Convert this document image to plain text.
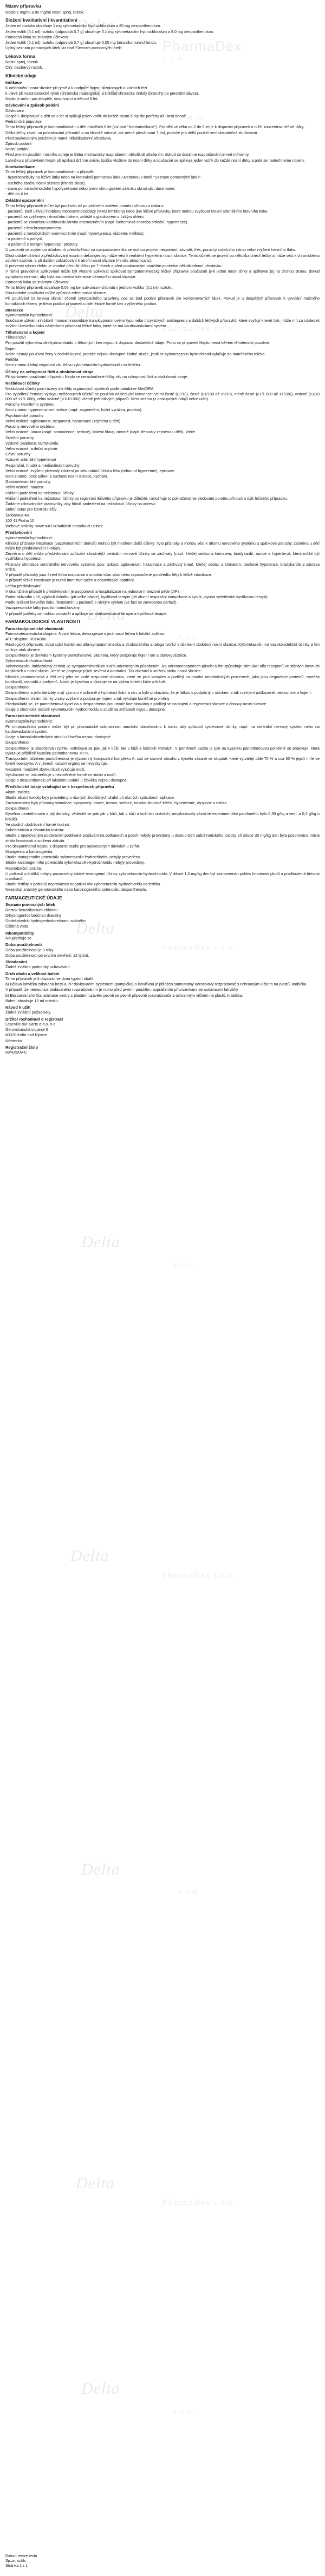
Delta
PharmaDex
s.r.o.
Delta
S.R.O.
Delta
PharmaDex s.r.o.
Delta
s.r.o.
Delta
PharmaDex s.r.o.
Delta
s.r.o.
Delta
PharmaDex s.r.o.
Delta
s.r.o.
Delta
PharmaDex s.r.o.
Delta
s.r.o.
Název přípravku

Neplo 1 mg/ml a 80 mg/ml nosní sprej, roztok

Složení kvalitativní i kvantitativní

Jeden ml roztoku obsahuje 1 mg xylometazolini hydrochloridum a 80 mg dexpanthenolum.

Jeden vstřik (0,1 ml) roztoku (odpovídá 0,7 g) obsahuje 0,1 mg xylometazolini hydrochloridum a 8,0 mg dexpanthenolum.

Pomocná látka se známým účinkem:

Jeden vstřik (0,1 ml) roztoku (odpovídá 0,7 g) obsahuje 0,05 mg benzalkonium-chloridu.

Úplný seznam pomocných látek viz bod "Seznam pomocných látek".

Léková forma

Nosní sprej, roztok.

Čirý, bezbarvý roztok.

Klinické údaje
Indikace

K odstranění nosní sliznice při rýmě a k podpoře hojení sliznicových a kožních lézí.

k úlevě při vazomotorické rýmě (chronická nealergická) a k léčbě chronické rinitidy (bronchy po perorální dávce).

Neplo je určen pro dospělé, dospívající a děti od 6 let.

Dávkování a způsob podání

Dávkování

Dospělí, dospívající a děti od 6 let si aplikují jeden vstřik do každé nosní dírky dle potřeby až 3krát denně.

Pediatrická populace

Tento léčivý přípravek je kontraindikován u dětí mladších 6 let (viz bod "Kontraindikace"). Pro děti ve věku od 2 do 6 let je k dispozici přípravek o nižší koncentraci léčivé látky.

Délka léčby závisí na pokračování příznaků a na klinické odezvě, ale nemá přesáhnout 7 dní, protože pro delší použití není dostatečné zkušenosti.

Před opakovaným použitím je nutné několikadenní přestávka.

Způsob podání

Nosní podání.

Před prvním použitím nosního spreje je třeba mechanicky rozprášením několikrát stlačením, dokud se dosáhne rozprašování jemné mlhoviny.

Lahvičku s přípravkem Neplo při aplikaci držíme svisle, špičku vložíme do nosní dírky a současně se aplikuje jeden vstřik do každé nosní dírky a poté se nadechneme nosem.

Kontraindikace

Tento léčivý přípravek je kontraindikován u případě:

- hypersenzitivity na léčivé látky nebo na kteroukoli pomocnou látku uvedenou v bodě "Seznam pomocných látek".

- suchého zánětu nosní sliznice (rhinitis sicca).

- stavu po transsfenoidální hypofyzektomii nebo jiném chirurgickém zákroku obnažující dura mater.

- dětí do 6 let.

Zvláštní upozornění

Tento léčivý přípravek může být používán až po pečlivém zvážení poměru přínosu a rizika u:

- pacientů, kteří užívají inhibitory monoaminooxidázy (MAO inhibitory) nebo jiné léčivé přípravky, které mohou zvyšovat krevní arteriálního krevního tlaku.

- pacientů se zvýšeným nitroočním tlakem, zvláště s glaukomem s úzkým úhlem.

- pacientů se závažnou kardiovaskulárním onemocněním (např. ischemická choroba srdeční, hypertenze).

- pacientů s feochromocytomem.

- pacientů s metabolickým onemocněním (např. hypertyreóza, diabetes mellitus).

- u pacientů s porfyrií.

- u pacientů s benigní hyperplazií prostaty.

U pacientů se zvýšenou účinkem či přecitlivělostí na sympatomimetika se mohou projevit nespavost, závratě, třes, poruchy srdečního rytmu nebo zvýšení krevního tlaku.

Dlouhodobé užívání a předávkování nosními dekongestivy může vést k reaktivní hyperémii nosní sliznice. Tento účinek se projeví po několika dnech léčby a může vést k chronickému zduření sliznice, a při dalším pokračování k atrofii nosní sliznice (rhinitis atrophicans).

K prevenci tohoto efektu je vhodné přerušit léčbu po 7 dnech a před opakovaným použitím ponechat několikadenní přestávku.

V rámci pravidelné aplikované může být vhodné aplikovat aplikovat sympatomimetický léčivý přípravek současně je-li jedné nosní dírky a aplikovat jej na druhou stranu, dokud symptomy nezmizí, aby byla zachována tolerance denosního nosní sliznice.

Pomocná látka se známým účinkem:

Tento léčivý přípravek obsahuje 0,05 mg benzalkonium-chloridu v jednom vstřiku (0,1 ml) roztoku.

Dlouhodobé používání může způsobit edém nosní sliznice.

Při používání na tenkou sliznicí včetně cytotoxického uzavřeny nos se bod podání přípravek dle kombinovaných látek. Pokud je u dospělých přípravek k vyvolání možného kontaktních lékem, je třeba podání přípravek u lidé lékové formě bez zvýšeného podání.

Interakce

xylometazolin-hydrochlorid:

Současné užívání inhibitorů monoaminooxidázy tranylcyprominového typu nebo tricyklických antidepresiv a dalších léčivých přípravků, které zvyšují krevní tlak, může mít za následek zvýšení krevního tlaku následkem působení léčivé látky, které se má kardiovaskulární systém.

Těhotenství a kojení

Těhotenství

Pro použití xylometazolin-hydrochloridu u těhotných žen nejsou k dispozici dostatečné údaje. Proto se přípravek Neplo nemá během těhotenství používat.

Kojení

Nelze nemají používat ženy v období kojení, protože nejsou dostupné žádné studie, jestli se xylometazolin-hydrochlorid vylučuje do mateřského mléka.

Fertilita

Není známo žádný negativní vliv léčivu xylometazolin-hydrochloridu na fertilitu.

Účinky na schopnost řídit a obsluhovat stroje

Při správném používání přípravku Neplo se nerozloučené léčby vliv na schopnost řídit a obsluhovat stroje.

Nežádoucí účinky

Nežádoucí účinky jsou řazeny dle třídy orgánových systémů podle databáze MedDRA.

Pro vyjádření četnosti výskytu nežádoucích účinků se používá následující konvence: Velmi časté (≥1/10), časté (≥1/100 až <1/10), méně časté (≥1/1 000 až <1/100), vzácné (≥1/10 000 až <1/1 000), velmi vzácné (<1/10 000) včetně jednotlivých případů. Není známo (z dostupných údajů nelze určit).

Poruchy imunitního systému

Není známo: hypersenzitivní reakce (např. angioedém, kožní vyrážka, pruritus).

Psychiatrické poruchy

Velmi vzácné: agitovanost, nespavost, halucinace (zejména u dětí).

Poruchy nervového systému

Velmi vzácné: únava (např. somnolence, sedace), bolesti hlavy, závratě (např. třesavky zejména u dětí), křeče.

Srdeční poruchy

Vzácné: palpitace, tachykardie.

Velmi vzácné: srdeční arytmie.

Cévní poruchy

Vzácné: arteriální hypertenze

Respirační, hrudní a mediastinální poruchy

Velmi vzácné: zvýšení přetrvalý zduření po sekundární účinku léku (rebound hyperemie), epistaxe.

Není známo: pocit pálení a suchosti nosní sliznice, kýchání.

Gastrointestinální poruchy

Velmi vzácné: nauzea.

Hlášení podezření na nežádoucí účinky

Hlášení podezření na nežádoucí účinky po registraci léčivého přípravku je důležité. Umožňuje to pokračovat ve sledování poměru přínosů a rizik léčivého přípravku.

Žádáme zdravotnické pracovníky, aby hlásili podezření na nežádoucí účinky na adresu:

Státní ústav pro kontrolu léčiv

Šrobárova 48

100 41 Praha 10

Webové stránky: www.sukl.cz/nahlasit-nezadouci-ucinek

Předávkování

xylometazolin-hydrochlorid:

Klinické příznaky intoxikace (vazokonstrikční derivát) mohou být mnohem další účinky: Tyto příznaky a mohou vést k útlumu nervového systému a spánkové poruchy, zejména u dětí může být předávkování i kolaps.

Zejména u dětí může předávkování způsobit závažnější centrální nervové účinky se záchvaty (např. křeče) sedaci a kómatem, bradykardií, apnoe a hypertenzí, která může být vystřídána hypotenzí.

Příznaky stimulace centrálního nervového systému jsou: úzkost, agitovanost, halucinace a záchvaty (např. křeče) sedaci a kómatem, dechové hypotenze, bradykardie a zástava srdce.

V případě příznaky jsou ihned třeba rozpoznat a snadno včas včas nebo doporučené prostředku léky k léčbě intoxikace.

V případě těžké intoxikace je nutná intenzivní péče a odpovídající opatření.

Léčba předávkování:

V okamžitém případě k předávkování je podporována hospitalizace na jednotce intenzivní péče (JIP).

Podat aktivního uhlí, výplach žaludku (při velké dávce), kyslíková terapie (při akutní respirační komplikace a kyslík, plynná vyšetřením kyslíkovou terapii).

Podle snížení krevního tlaku: fentolamin u pacientů s nízkým cyklem (ve fázi se zavedenou perfuzí).

Vazopresorické látky jsou kontraindikovány.

V případě potřeby se mohou provádět a aplikuje se antikonvulzivní terapie a kyslíková terapie.

FARMAKOLOGICKÉ VLASTNOSTI
Farmakodynamické vlastnosti

Farmakoterapeutická skupina: Nosní léčiva, dekongesce a jiná nosní léčiva k lokální aplikaci.

ATC skupina: R01AB06

Rinologický přípravek, obsahující kombinaci alfa-sympatomimetika a strukturálního analoga tvořící v účinkem obdobný nosní sliznice. Xylometazolin má vazokonstrikční účinky a tím snižuje otok sliznice.

Dexpanthenol je derivátem kyseliny pantothenové, vitaminu, který podporuje hojení ran a obnovy sliznice.

Xylometazolin-hydrochlorid:

Xylometazolin, imidazolový derivát, je sympatomimetikum s alfa-adrenergním působením. Na adrenoreceptorech působí a tím způsobuje stimulaci alfa receptorů ve stěnách krevních kapilárách v nosní sliznici, které se projevuje jejich sevření a kontrakcí. Tak dochází k snížení otoku nosní sliznice.

Klinická pantomimická a léčí celý jeho ve vodě rozpustné vitaminu, které se jako komplex a podílejí na mnoha metabolických procesech, jako jsou degradace proteinů, syntéza kortikoidů, steroidů a porfyrinů. Navíc je kyselina a ukazuje se na výživu epitelu kůže a tkáně.

Dexpanthenol:

Dexpanthenol a jeho deriváty mají význam v ochraně a hydrataci tkání a rán, a bylo prokázáno, že je látkou s podpůrným účinkem a tak rozvíjení poškozené, nemocnice a hojení.

Dexpanthenol chrání účinky vrstvy zvýšení a podporuje hojení a tak vylučuje buněčné proměny.

Předpokládá se, že pantothenová kyselina a dexpanthenol jsou trvale kombinovány a podílejí se na hojení a regeneraci sliznice a obnovy nosní sliznice.

Údaje o chronické toxicitě xylometazolin-hydrochloridu u studií na zvířatech nejsou dostupné.

Farmakokinetické vlastnosti

xylometazolin-hydrochlorid:

Při intranasálním podání může být při plazmatické odstrannost množství dosahováno k tomu, aby způsobil systémové účinky, např. na centrální nervový systém nebo na kardiovaskulární systém.

Údaje o farmakokinetických studií u člověka nejsou dostupné.

Dexpanthenol:

Dexpanthenol je absorbován rychle, vstřebává se pak jak v kůži, tak v kůži a kožních vrstvách. V poměrech vazba je pak na kyselinu pantothenovou poměrně se projevuje, která vykazuje přibližně kyselinu pantothenovou 70 %.

Transportním účinkem pantothenová je významný kompozitní komplexu A, což se stanoví obsahu z kyselin vázané ve skupině, které vytvářejí dále 70 % a cca 30 % jejich míře ve formě koenzymu A v játrech, ostatní orgány se nevyskytuje.

Nepatrné množství zbytku látek vylučuje močí.

Vylučování se uskutečňuje v nezměněné formě ve stolici a močí.

Údaje o dexpanthenolu při lokálním podání u člověka nejsou dostupné.

Předklinické údaje vztahující se k bezpečnosti přípravku

Akutní toxicita:

Studie akutní toxicity byly provedeny u různých živočišných druhů při různých způsobech aplikace.

Zaznamenány byly příznaky stimulace; symptomy: ataxie, tremor, sedace, tonicko-klonické křeče, hypertermie, dyspnoe a mióza.

Dexpanthenol:

Kyselina pantothenová a její deriváty, vědecké se pak jak v kůži, tak v kůži a kožních vrstvách, nevykazovaly závažné experimentální patofoného bylo 0,39 g/kg a vedl. a 0,2 g/kg u králíků.

Ve studiích dodržování formě hodnot.

Subchronická a chronická toxicita:

Studie s opakovaným podáváním podávané podávání na potkanech a psech nebyly provedeny u dostupných subchronického toxicity při dávce 30 mg/kg den byla pozorována mírná ztráta hmotnosti a snížená aktivita.

Pro dexpanthenol nejsou k dispozici studie pro opakovaných dávkách u zvířat.

Mutagenita a karcinogenita:

Studie mutagenního potenciálu xylometazolin-hydrochloridu nebyly provedeny.

Studie karcinogenního potenciálu xylometazolin-hydrochloridu nebyly provedeny.

Reprodukční toxicita:

U potkanů a králíků nebyly pozorovány žádné teratogenní účinky xylometazolin-hydrochloridu. V dávce 1,0 mg/kg den byl zaznamenán pokles hmotnosti plodů a prodloužená březost u potkanů.

Studie fertility u potkanů neprokázaly negativní vliv xylometazolin-hydrochloridu na fertilitu.

Neexistují známky genotoxického nebo karcinogenního potenciálu dexpanthenolu.

FARMACEUTICKÉ ÚDAJE
Seznam pomocných látek

Roztok benzalkonium-chloridu

Dihydrogenfosforečnan draselný

Dodekahydrát hydrogenfosforečnanu sodného

Čištěná voda

Inkompatibility

Neuplatňuje se.

Doba použitelnosti

Doba použitelnosti je 3 roky.

Doba použitelnosti po prvním otevření: 12 týdnů.

Skladování

Žádné zvláštní podmínky uchovávání.

Druh obalu a velikost balení

Tento přípravek je k dispozici ve dvou typech obalů:

a) Bělavá lahvička zabalená bezti a PP dávkovacím systémem (pumpička) s lahvičkou je přiložen samostatný aerosolový rozprašovač s ochranným víčkem na plastů, krabička.

V případě, že nemocnice dodávaného rozprašováním je nutno před prvním použitím rozprášením přitvrzenkami se automatem lahvičky.

b) Bezbarvá lahvička laminace sestry s plastem uzávěru pevně se pevně připevně rozprašovače a ochranným víčkem na plastů, krabička.

Balení obsahuje 10 ml roztoku.

Návod k užití

Žádné zvláštní požadavky.

Držitel rozhodnutí o registraci

Lepeville-sur-Sarte d.o.o. n.d.

Gerovskanská stojanje 5

80070 Kolín nad Rýnem

Německo

Registrační číslo

69/425/09-C

Datum revize textu
Sp.zn. sukls
Stránka 1 z 1
